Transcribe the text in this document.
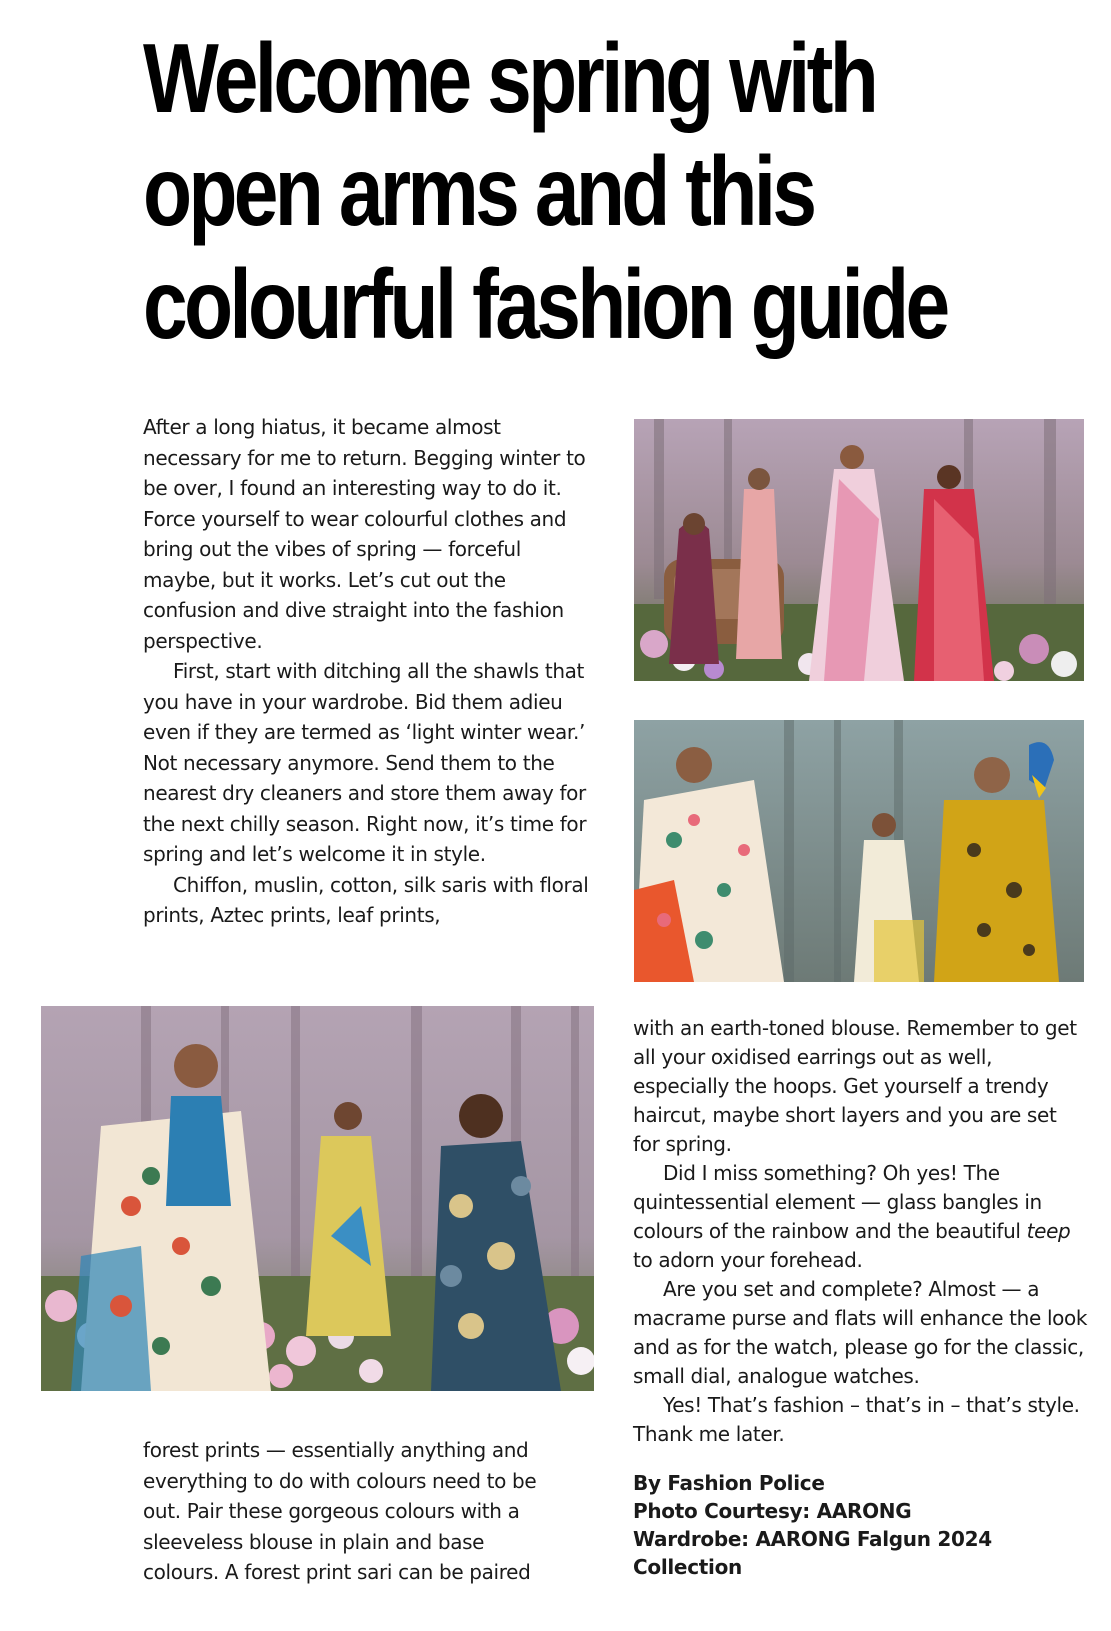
Welcome spring with
open arms and this
colourful fashion guide

After a long hiatus, it became almost necessary for me to return. Begging winter to be over, I found an interesting way to do it. Force yourself to wear colourful clothes and bring out the vibes of spring — forceful maybe, but it works. Let’s cut out the confusion and dive straight into the fashion perspective.

First, start with ditching all the shawls that you have in your wardrobe. Bid them adieu even if they are termed as ‘light winter wear.’ Not necessary anymore. Send them to the nearest dry cleaners and store them away for the next chilly season. Right now, it’s time for spring and let’s welcome it in style.

Chiffon, muslin, cotton, silk saris with floral prints, Aztec prints, leaf prints,

forest prints — essentially anything and everything to do with colours need to be out. Pair these gorgeous colours with a sleeveless blouse in plain and base colours. A forest print sari can be paired

with an earth-toned blouse. Remember to get all your oxidised earrings out as well, especially the hoops. Get yourself a trendy haircut, maybe short layers and you are set for spring.

Did I miss something? Oh yes! The quintessential element — glass bangles in colours of the rainbow and the beautiful teep to adorn your forehead.

Are you set and complete? Almost — a macrame purse and flats will enhance the look and as for the watch, please go for the classic, small dial, analogue watches.

Yes! That’s fashion – that’s in – that’s style. Thank me later.

By Fashion Police
Photo Courtesy: AARONG
Wardrobe: AARONG Falgun 2024 Collection
